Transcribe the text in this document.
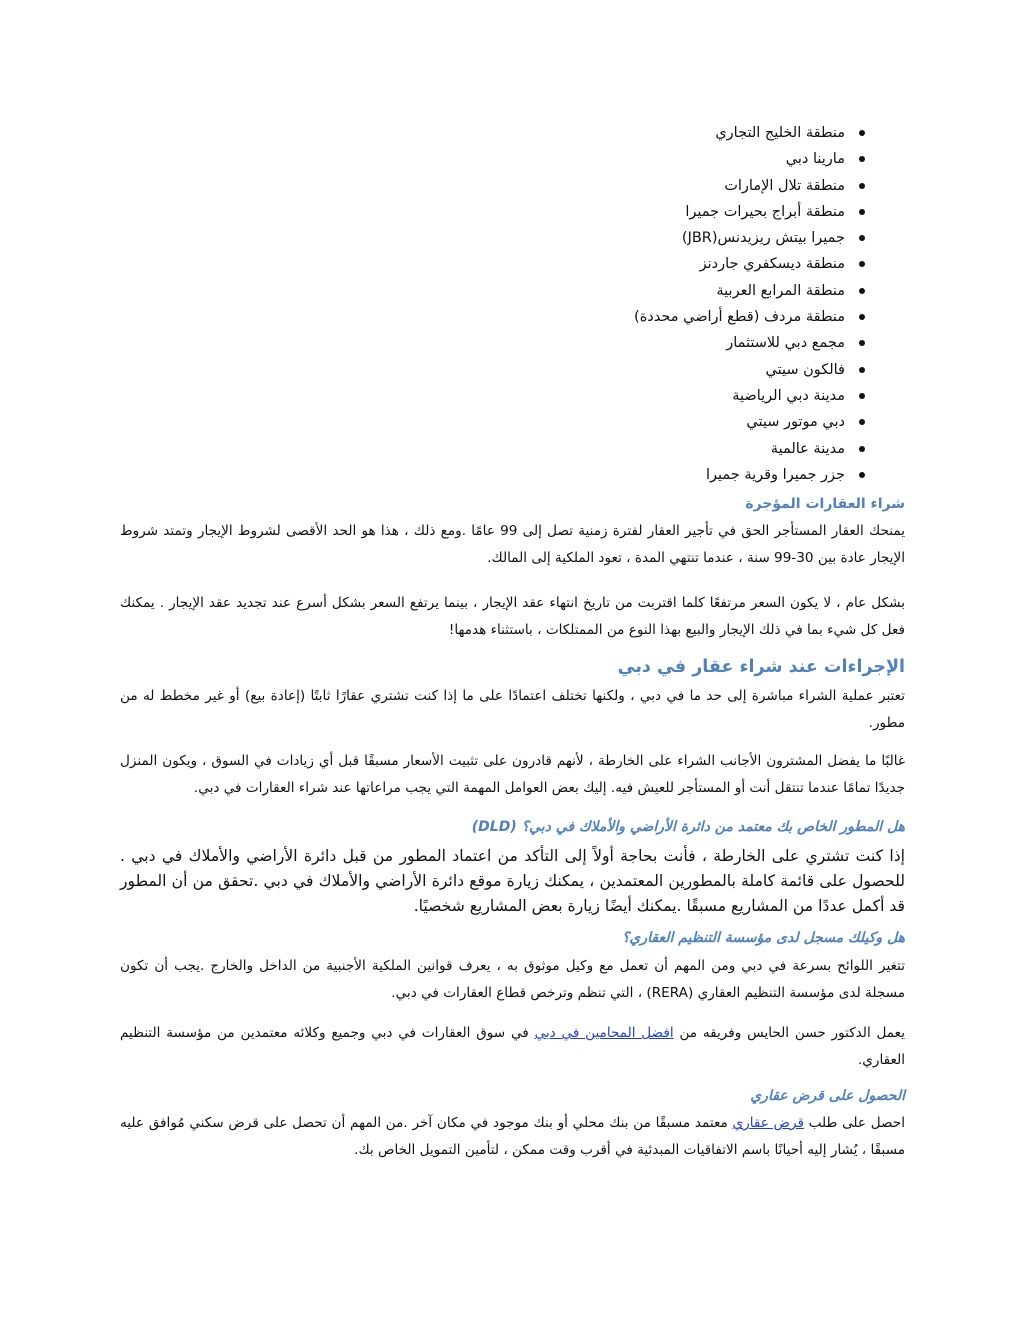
منطقة الخليج التجاري
مارينا دبي
منطقة تلال الإمارات
منطقة أبراج بحيرات جميرا
جميرا بيتش ريزيدنس(JBR)
منطقة ديسكفري جاردنز
منطقة المرابع العربية
منطقة مردف (قطع أراضي محددة)
مجمع دبي للاستثمار
فالكون سيتي
مدينة دبي الرياضية
دبي موتور سيتي
مدينة عالمية
جزر جميرا وقرية جميرا
شراء العقارات المؤجرة

يمنحك العقار المستأجر الحق في تأجير العقار لفترة زمنية تصل إلى 99 عامًا .ومع ذلك ، هذا هو الحد الأقصى لشروط الإيجار وتمتد شروط الإيجار عادة بين 30-99 سنة ، عندما تنتهي المدة ، تعود الملكية إلى المالك.

بشكل عام ، لا يكون السعر مرتفعًا كلما اقتربت من تاريخ انتهاء عقد الإيجار ، بينما يرتفع السعر بشكل أسرع عند تجديد عقد الإيجار . يمكنك فعل كل شيء بما في ذلك الإيجار والبيع بهذا النوع من الممتلكات ، باستثناء هدمها!

الإجراءات عند شراء عقار في دبي

تعتبر عملية الشراء مباشرة إلى حد ما في دبي ، ولكنها تختلف اعتمادًا على ما إذا كنت تشتري عقارًا ثابتًا (إعادة بيع) أو غير مخطط له من مطور.

غالبًا ما يفضل المشترون الأجانب الشراء على الخارطة ، لأنهم قادرون على تثبيت الأسعار مسبقًا قبل أي زيادات في السوق ، ويكون المنزل جديدًا تمامًا عندما تنتقل أنت أو المستأجر للعيش فيه. إليك بعض العوامل المهمة التي يجب مراعاتها عند شراء العقارات في دبي.

هل المطور الخاص بك معتمد من دائرة الأراضي والأملاك في دبي؟ (DLD)

إذا كنت تشتري على الخارطة ، فأنت بحاجة أولاً إلى التأكد من اعتماد المطور من قبل دائرة الأراضي والأملاك في دبي . للحصول على قائمة كاملة بالمطورين المعتمدين ، يمكنك زيارة موقع دائرة الأراضي والأملاك في دبي .تحقق من أن المطور قد أكمل عددًا من المشاريع مسبقًا .يمكنك أيضًا زيارة بعض المشاريع شخصيًا.

هل وكيلك مسجل لدى مؤسسة التنظيم العقاري؟

تتغير اللوائح بسرعة في دبي ومن المهم أن تعمل مع وكيل موثوق به ، يعرف قوانين الملكية الأجنبية من الداخل والخارج .يجب أن تكون مسجلة لدى مؤسسة التنظيم العقاري (RERA) ، التي تنظم وترخص قطاع العقارات في دبي.

يعمل الدكتور حسن الحايس وفريقه من افضل المحامين في دبي في سوق العقارات في دبي وجميع وكلائه معتمدين من مؤسسة التنظيم العقاري.

الحصول على قرض عقاري

احصل على طلب قرض عقاري معتمد مسبقًا من بنك محلي أو بنك موجود في مكان آخر .من المهم أن تحصل على قرض سكني مُوافق عليه مسبقًا ، يُشار إليه أحيانًا باسم الاتفاقيات المبدئية في أقرب وقت ممكن ، لتأمين التمويل الخاص بك.
